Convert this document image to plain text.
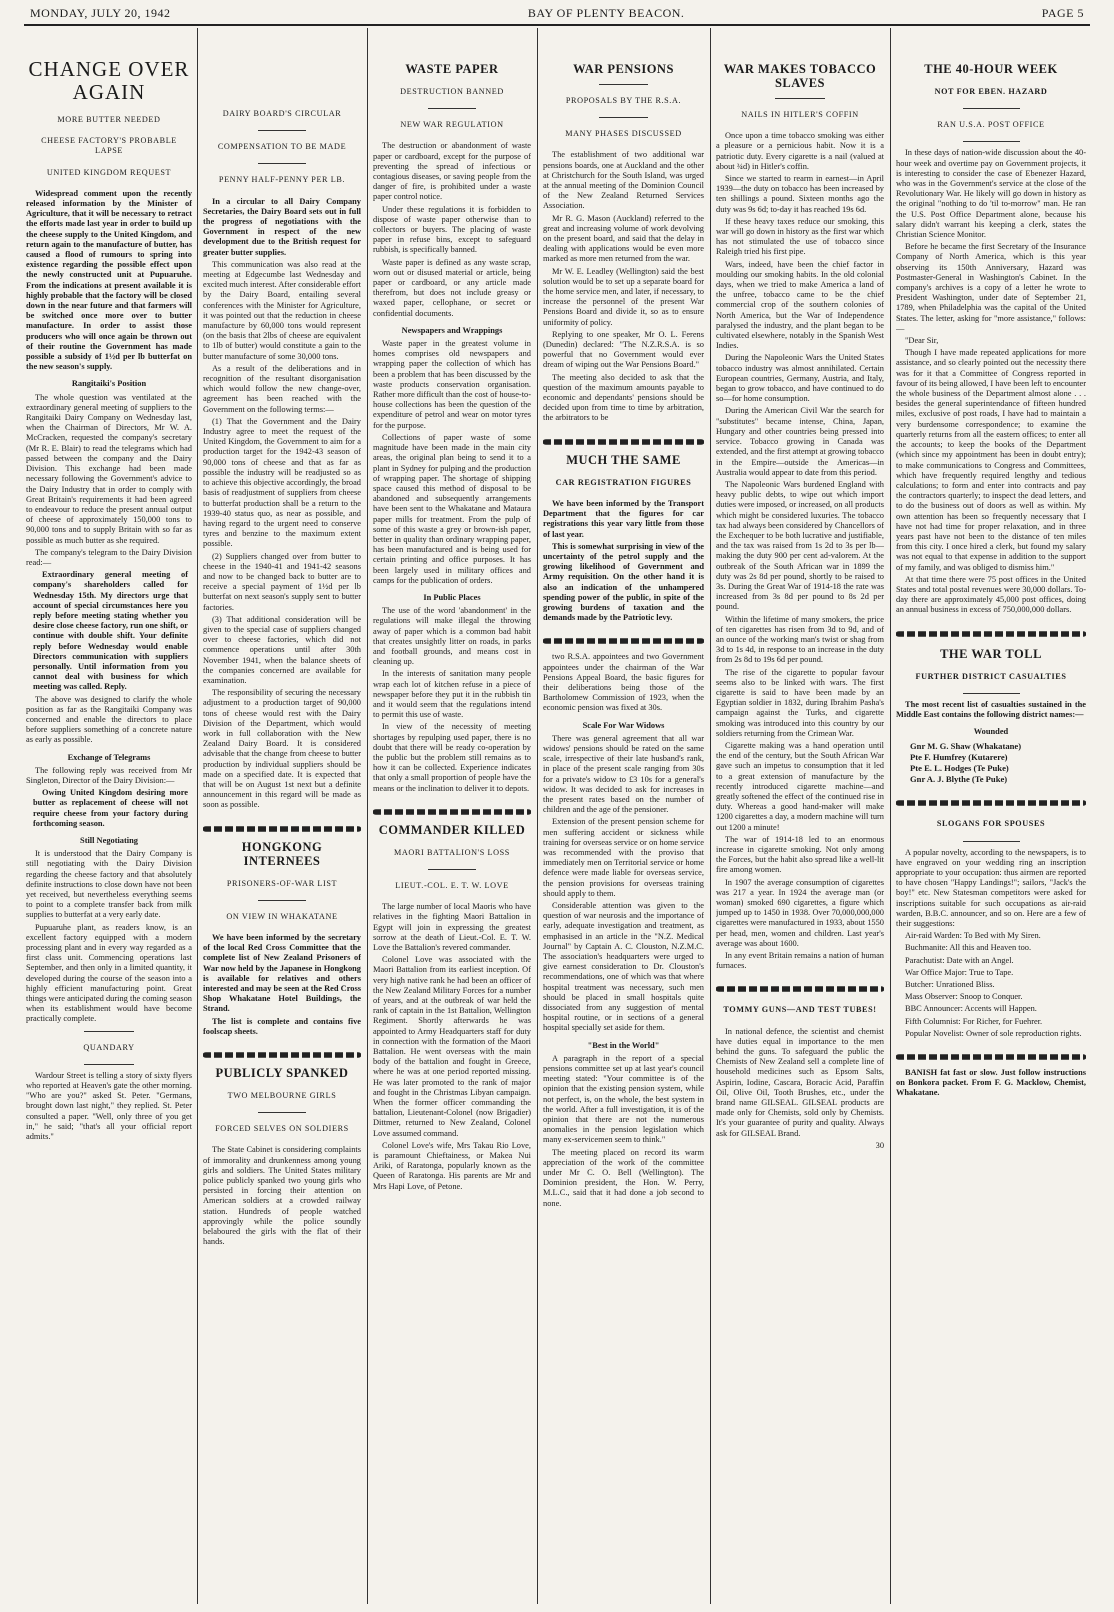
MONDAY, JULY 20, 1942	BAY OF PLENTY BEACON.	PAGE 5
CHANGE OVER AGAIN
MORE BUTTER NEEDED
CHEESE FACTORY'S PROBABLE LAPSE
UNITED KINGDOM REQUEST

Widespread comment upon the recently released information by the Minister of Agriculture, that it will be necessary to retract the efforts made last year in order to build up the cheese supply to the United Kingdom, and return again to the manufacture of butter, has caused a flood of rumours to spring into existence regarding the possible effect upon the newly constructed unit at Pupuaruhe. From the indications at present available it is highly probable that the factory will be closed down in the near future and that farmers will be switched once more over to butter manufacture. In order to assist those producers who will once again be thrown out of their routine the Government has made possible a subsidy of 1½d per lb butterfat on the new season's supply.

Rangitaiki's Position

The whole question was ventilated at the extraordinary general meeting of suppliers to the Rangitaiki Dairy Company on Wednesday last, when the Chairman of Directors, Mr W. A. McCracken, requested the company's secretary (Mr R. E. Blair) to read the telegrams which had passed between the company and the Dairy Division. This exchange had been made necessary following the Government's advice to the Dairy Industry that in order to comply with Great Britain's requirements it had been agreed to endeavour to reduce the present annual output of cheese of approximately 150,000 tons to 90,000 tons and to supply Britain with so far as possible as much butter as she required.

The company's telegram to the Dairy Division read:—

Extraordinary general meeting of company's shareholders called for Wednesday 15th. My directors urge that account of special circumstances here you reply before meeting stating whether you desire close cheese factory, run one shift, or continue with double shift. Your definite reply before Wednesday would enable Directors communication with suppliers personally. Until information from you cannot deal with business for which meeting was called. Reply.

The above was designed to clarify the whole position as far as the Rangitaiki Company was concerned and enable the directors to place before suppliers something of a concrete nature as early as possible.

Exchange of Telegrams

The following reply was received from Mr Singleton, Director of the Dairy Division:—

Owing United Kingdom desiring more butter as replacement of cheese will not require cheese from your factory during forthcoming season.

Still Negotiating

It is understood that the Dairy Company is still negotiating with the Dairy Division regarding the cheese factory and that absolutely definite instructions to close down have not been yet received, but nevertheless everything seems to point to a complete transfer back from milk supplies to butterfat at a very early date.

Pupuaruhe plant, as readers know, is an excellent factory equipped with a modern processing plant and in every way regarded as a first class unit. Commencing operations last September, and then only in a limited quantity, it developed during the course of the season into a highly efficient manufacturing point. Great things were anticipated during the coming season when its establishment would have become practically complete.

QUANDARY

Wardour Street is telling a story of sixty flyers who reported at Heaven's gate the other morning. "Who are you?" asked St. Peter. "Germans, brought down last night," they replied. St. Peter consulted a paper. "Well, only three of you get in," he said; "that's all your official report admits."

DAIRY BOARD'S CIRCULAR
COMPENSATION TO BE MADE
PENNY HALF-PENNY PER LB.

In a circular to all Dairy Company Secretaries, the Dairy Board sets out in full the progress of negotiations with the Government in respect of the new development due to the British request for greater butter supplies.

This communication was also read at the meeting at Edgecumbe last Wednesday and excited much interest. After considerable effort by the Dairy Board, entailing several conferences with the Minister for Agriculture, it was pointed out that the reduction in cheese manufacture by 60,000 tons would represent (on the basis that 2lbs of cheese are equivalent to 1lb of butter) would constitute a gain to the butter manufacture of some 30,000 tons.

As a result of the deliberations and in recognition of the resultant disorganisation which would follow the new change-over, agreement has been reached with the Government on the following terms:—

(1) That the Government and the Dairy Industry agree to meet the request of the United Kingdom, the Government to aim for a production target for the 1942-43 season of 90,000 tons of cheese and that as far as possible the industry will be readjusted so as to achieve this objective accordingly, the broad basis of readjustment of suppliers from cheese to butterfat production shall be a return to the 1939-40 status quo, as near as possible, and having regard to the urgent need to conserve tyres and benzine to the maximum extent possible.

(2) Suppliers changed over from butter to cheese in the 1940-41 and 1941-42 seasons and now to be changed back to butter are to receive a special payment of 1½d per lb butterfat on next season's supply sent to butter factories.

(3) That additional consideration will be given to the special case of suppliers changed over to cheese factories, which did not commence operations until after 30th November 1941, when the balance sheets of the companies concerned are available for examination.

The responsibility of securing the necessary adjustment to a production target of 90,000 tons of cheese would rest with the Dairy Division of the Department, which would work in full collaboration with the New Zealand Dairy Board. It is considered advisable that the change from cheese to butter production by individual suppliers should be made on a specified date. It is expected that that will be on August 1st next but a definite announcement in this regard will be made as soon as possible.

HONGKONG INTERNEES
PRISONERS-OF-WAR LIST
ON VIEW IN WHAKATANE

We have been informed by the secretary of the local Red Cross Committee that the complete list of New Zealand Prisoners of War now held by the Japanese in Hongkong is available for relatives and others interested and may be seen at the Red Cross Shop Whakatane Hotel Buildings, the Strand.

The list is complete and contains five foolscap sheets.

PUBLICLY SPANKED
TWO MELBOURNE GIRLS
FORCED SELVES ON SOLDIERS

The State Cabinet is considering complaints of immorality and drunkenness among young girls and soldiers. The United States military police publicly spanked two young girls who persisted in forcing their attention on American soldiers at a crowded railway station. Hundreds of people watched approvingly while the police soundly belaboured the girls with the flat of their hands.

WASTE PAPER
DESTRUCTION BANNED
NEW WAR REGULATION

The destruction or abandonment of waste paper or cardboard, except for the purpose of preventing the spread of infectious or contagious diseases, or saving people from the danger of fire, is prohibited under a waste paper control notice.

Under these regulations it is forbidden to dispose of waste paper otherwise than to collectors or buyers. The placing of waste paper in refuse bins, except to safeguard rubbish, is specifically banned.

Waste paper is defined as any waste scrap, worn out or disused material or article, being paper or cardboard, or any article made therefrom, but does not include greasy or waxed paper, cellophane, or secret or confidential documents.

Newspapers and Wrappings

Waste paper in the greatest volume in homes comprises old newspapers and wrapping paper the collection of which has been a problem that has been discussed by the waste products conservation organisation. Rather more difficult than the cost of house-to-house collections has been the question of the expenditure of petrol and wear on motor tyres for the purpose.

Collections of paper waste of some magnitude have been made in the main city areas, the original plan being to send it to a plant in Sydney for pulping and the production of wrapping paper. The shortage of shipping space caused this method of disposal to be abandoned and subsequently arrangements have been sent to the Whakatane and Mataura paper mills for treatment. From the pulp of some of this waste a grey or brown-ish paper, better in quality than ordinary wrapping paper, has been manufactured and is being used for certain printing and office purposes. It has been largely used in military offices and camps for the publication of orders.

In Public Places

The use of the word 'abandonment' in the regulations will make illegal the throwing away of paper which is a common bad habit that creates unsightly litter on roads, in parks and football grounds, and means cost in cleaning up.

In the interests of sanitation many people wrap each lot of kitchen refuse in a piece of newspaper before they put it in the rubbish tin and it would seem that the regulations intend to permit this use of waste.

In view of the necessity of meeting shortages by repulping used paper, there is no doubt that there will be ready co-operation by the public but the problem still remains as to how it can be collected. Experience indicates that only a small proportion of people have the means or the inclination to deliver it to depots.

COMMANDER KILLED
MAORI BATTALION'S LOSS
LIEUT.-COL. E. T. W. LOVE

The large number of local Maoris who have relatives in the fighting Maori Battalion in Egypt will join in expressing the greatest sorrow at the death of Lieut.-Col. E. T. W. Love the Battalion's revered commander.

Colonel Love was associated with the Maori Battalion from its earliest inception. Of very high native rank he had been an officer of the New Zealand Military Forces for a number of years, and at the outbreak of war held the rank of captain in the 1st Battalion, Wellington Regiment. Shortly afterwards he was appointed to Army Headquarters staff for duty in connection with the formation of the Maori Battalion. He went overseas with the main body of the battalion and fought in Greece, where he was at one period reported missing. He was later promoted to the rank of major and fought in the Christmas Libyan campaign. When the former officer commanding the battalion, Lieutenant-Colonel (now Brigadier) Dittmer, returned to New Zealand, Colonel Love assumed command.

Colonel Love's wife, Mrs Takau Rio Love, is paramount Chieftainess, or Makea Nui Ariki, of Raratonga, popularly known as the Queen of Raratonga. His parents are Mr and Mrs Hapi Love, of Petone.

WAR PENSIONS
PROPOSALS BY THE R.S.A.
MANY PHASES DISCUSSED

The establishment of two additional war pensions boards, one at Auckland and the other at Christchurch for the South Island, was urged at the annual meeting of the Dominion Council of the New Zealand Returned Services Association.

Mr R. G. Mason (Auckland) referred to the great and increasing volume of work devolving on the present board, and said that the delay in dealing with applications would be even more marked as more men returned from the war.

Mr W. E. Leadley (Wellington) said the best solution would be to set up a separate board for the home service men, and later, if necessary, to increase the personnel of the present War Pensions Board and divide it, so as to ensure uniformity of policy.

Replying to one speaker, Mr O. L. Ferens (Dunedin) declared: "The N.Z.R.S.A. is so powerful that no Government would ever dream of wiping out the War Pensions Board."

The meeting also decided to ask that the question of the maximum amounts payable to economic and dependants' pensions should be decided upon from time to time by arbitration, the arbitrators to be

MUCH THE SAME
CAR REGISTRATION FIGURES

We have been informed by the Transport Department that the figures for car registrations this year vary little from those of last year.

This is somewhat surprising in view of the uncertainty of the petrol supply and the growing likelihood of Government and Army requisition. On the other hand it is also an indication of the unhampered spending power of the public, in spite of the growing burdens of taxation and the demands made by the Patriotic levy.

two R.S.A. appointees and two Government appointees under the chairman of the War Pensions Appeal Board, the basic figures for their deliberations being those of the Bartholomew Commission of 1923, when the economic pension was fixed at 30s.

Scale For War Widows

There was general agreement that all war widows' pensions should be rated on the same scale, irrespective of their late husband's rank, in place of the present scale ranging from 30s for a private's widow to £3 10s for a general's widow. It was decided to ask for increases in the present rates based on the number of children and the age of the pensioner.

Extension of the present pension scheme for men suffering accident or sickness while training for overseas service or on home service was recommended with the proviso that immediately men on Territorial service or home defence were made liable for overseas service, the pension provisions for overseas training should apply to them.

Considerable attention was given to the question of war neurosis and the importance of early, adequate investigation and treatment, as emphasised in an article in the "N.Z. Medical Journal" by Captain A. C. Clouston, N.Z.M.C. The association's headquarters were urged to give earnest consideration to Dr. Clouston's recommendations, one of which was that where hospital treatment was necessary, such men should be placed in small hospitals quite dissociated from any suggestion of mental hospital routine, or in sections of a general hospital specially set aside for them.

"Best in the World"

A paragraph in the report of a special pensions committee set up at last year's council meeting stated: "Your committee is of the opinion that the existing pension system, while not perfect, is, on the whole, the best system in the world. After a full investigation, it is of the opinion that there are not the numerous anomalies in the pension legislation which many ex-servicemen seem to think."

The meeting placed on record its warm appreciation of the work of the committee under Mr C. O. Bell (Wellington). The Dominion president, the Hon. W. Perry, M.L.C., said that it had done a job second to none.

WAR MAKES TOBACCO SLAVES
NAILS IN HITLER'S COFFIN

Once upon a time tobacco smoking was either a pleasure or a pernicious habit. Now it is a patriotic duty. Every cigarette is a nail (valued at about ¾d) in Hitler's coffin.

Since we started to rearm in earnest—in April 1939—the duty on tobacco has been increased by ten shillings a pound. Sixteen months ago the duty was 9s 6d; to-day it has reached 19s 6d.

If these heavy taxes reduce our smoking, this war will go down in history as the first war which has not stimulated the use of tobacco since Raleigh tried his first pipe.

Wars, indeed, have been the chief factor in moulding our smoking habits. In the old colonial days, when we tried to make America a land of the unfree, tobacco came to be the chief commercial crop of the southern colonies of North America, but the War of Independence paralysed the industry, and the plant began to be cultivated elsewhere, notably in the Spanish West Indies.

During the Napoleonic Wars the United States tobacco industry was almost annihilated. Certain European countries, Germany, Austria, and Italy, began to grow tobacco, and have continued to do so—for home consumption.

During the American Civil War the search for "substitutes" became intense, China, Japan, Hungary and other countries being pressed into service. Tobacco growing in Canada was extended, and the first attempt at growing tobacco in the Empire—outside the Americas—in Australia would appear to date from this period.

The Napoleonic Wars burdened England with heavy public debts, to wipe out which import duties were imposed, or increased, on all products which might be considered luxuries. The tobacco tax had always been considered by Chancellors of the Exchequer to be both lucrative and justifiable, and the tax was raised from 1s 2d to 3s per lb—making the duty 900 per cent ad-valorem. At the outbreak of the South African war in 1899 the duty was 2s 8d per pound, shortly to be raised to 3s. During the Great War of 1914-18 the rate was increased from 3s 8d per pound to 8s 2d per pound.

Within the lifetime of many smokers, the price of ten cigarettes has risen from 3d to 9d, and of an ounce of the working man's twist or shag from 3d to 1s 4d, in response to an increase in the duty from 2s 8d to 19s 6d per pound.

The rise of the cigarette to popular favour seems also to be linked with wars. The first cigarette is said to have been made by an Egyptian soldier in 1832, during Ibrahim Pasha's campaign against the Turks, and cigarette smoking was introduced into this country by our soldiers returning from the Crimean War.

Cigarette making was a hand operation until the end of the century, but the South African War gave such an impetus to consumption that it led to a great extension of manufacture by the recently introduced cigarette machine—and greatly softened the effect of the continued rise in duty. Whereas a good hand-maker will make 1200 cigarettes a day, a modern machine will turn out 1200 a minute!

The war of 1914-18 led to an enormous increase in cigarette smoking. Not only among the Forces, but the habit also spread like a well-lit fire among women.

In 1907 the average consumption of cigarettes was 217 a year. In 1924 the average man (or woman) smoked 690 cigarettes, a figure which jumped up to 1450 in 1938. Over 70,000,000,000 cigarettes were manufactured in 1933, about 1550 per head, men, women and children. Last year's average was about 1600.

In any event Britain remains a nation of human furnaces.

TOMMY GUNS—AND TEST TUBES!

In national defence, the scientist and chemist have duties equal in importance to the men behind the guns. To safeguard the public the Chemists of New Zealand sell a complete line of household medicines such as Epsom Salts, Aspirin, Iodine, Cascara, Boracic Acid, Paraffin Oil, Olive Oil, Tooth Brushes, etc., under the brand name GILSEAL. GILSEAL products are made only for Chemists, sold only by Chemists. It's your guarantee of purity and quality. Always ask for GILSEAL Brand.

30
THE 40-HOUR WEEK
NOT FOR EBEN. HAZARD
RAN U.S.A. POST OFFICE

In these days of nation-wide discussion about the 40-hour week and overtime pay on Government projects, it is interesting to consider the case of Ebenezer Hazard, who was in the Government's service at the close of the Revolutionary War. He likely will go down in history as the original "nothing to do 'til to-morrow" man. He ran the U.S. Post Office Department alone, because his salary didn't warrant his keeping a clerk, states the Christian Science Monitor.

Before he became the first Secretary of the Insurance Company of North America, which is this year observing its 150th Anniversary, Hazard was Postmaster-General in Washington's Cabinet. In the company's archives is a copy of a letter he wrote to President Washington, under date of September 21, 1789, when Philadelphia was the capital of the United States. The letter, asking for "more assistance," follows:—

"Dear Sir,

Though I have made repeated applications for more assistance, and so clearly pointed out the necessity there was for it that a Committee of Congress reported in favour of its being allowed, I have been left to encounter the whole business of the Department almost alone . . . besides the general superintendance of fifteen hundred miles, exclusive of post roads, I have had to maintain a very burdensome correspondence; to examine the quarterly returns from all the eastern offices; to enter all the accounts; to keep the books of the Department (which since my appointment has been in doubt entry); to make communications to Congress and Committees, which have frequently required lengthy and tedious calculations; to form and enter into contracts and pay the contractors quarterly; to inspect the dead letters, and to do the business out of doors as well as within. My own attention has been so frequently necessary that I have not had time for proper relaxation, and in three years past have not been to the distance of ten miles from this city. I once hired a clerk, but found my salary was not equal to that expense in addition to the support of my family, and was obliged to dismiss him."

At that time there were 75 post offices in the United States and total postal revenues were 30,000 dollars. To-day there are approximately 45,000 post offices, doing an annual business in excess of 750,000,000 dollars.

THE WAR TOLL
FURTHER DISTRICT CASUALTIES

The most recent list of casualties sustained in the Middle East contains the following district names:—

Wounded
Gnr M. G. Shaw (Whakatane)
Pte F. Humfrey (Kutarere)
Pte E. L. Hodges (Te Puke)
Gnr A. J. Blythe (Te Puke)
SLOGANS FOR SPOUSES

A popular novelty, according to the newspapers, is to have engraved on your wedding ring an inscription appropriate to your occupation: thus airmen are reported to have chosen "Happy Landings!"; sailors, "Jack's the boy!" etc. New Statesman competitors were asked for inscriptions suitable for such occupations as air-raid warden, B.B.C. announcer, and so on. Here are a few of their suggestions:

Air-raid Warden: To Bed with My Siren.

Buchmanite: All this and Heaven too.

Parachutist: Date with an Angel.

War Office Major: True to Tape.

Butcher: Unrationed Bliss.

Mass Observer: Snoop to Conquer.

BBC Announcer: Accents will Happen.

Fifth Columnist: For Richer, for Fuehrer.

Popular Novelist: Owner of sole reproduction rights.

BANISH fat fast or slow. Just follow instructions on Bonkora packet. From F. G. Macklow, Chemist, Whakatane.
